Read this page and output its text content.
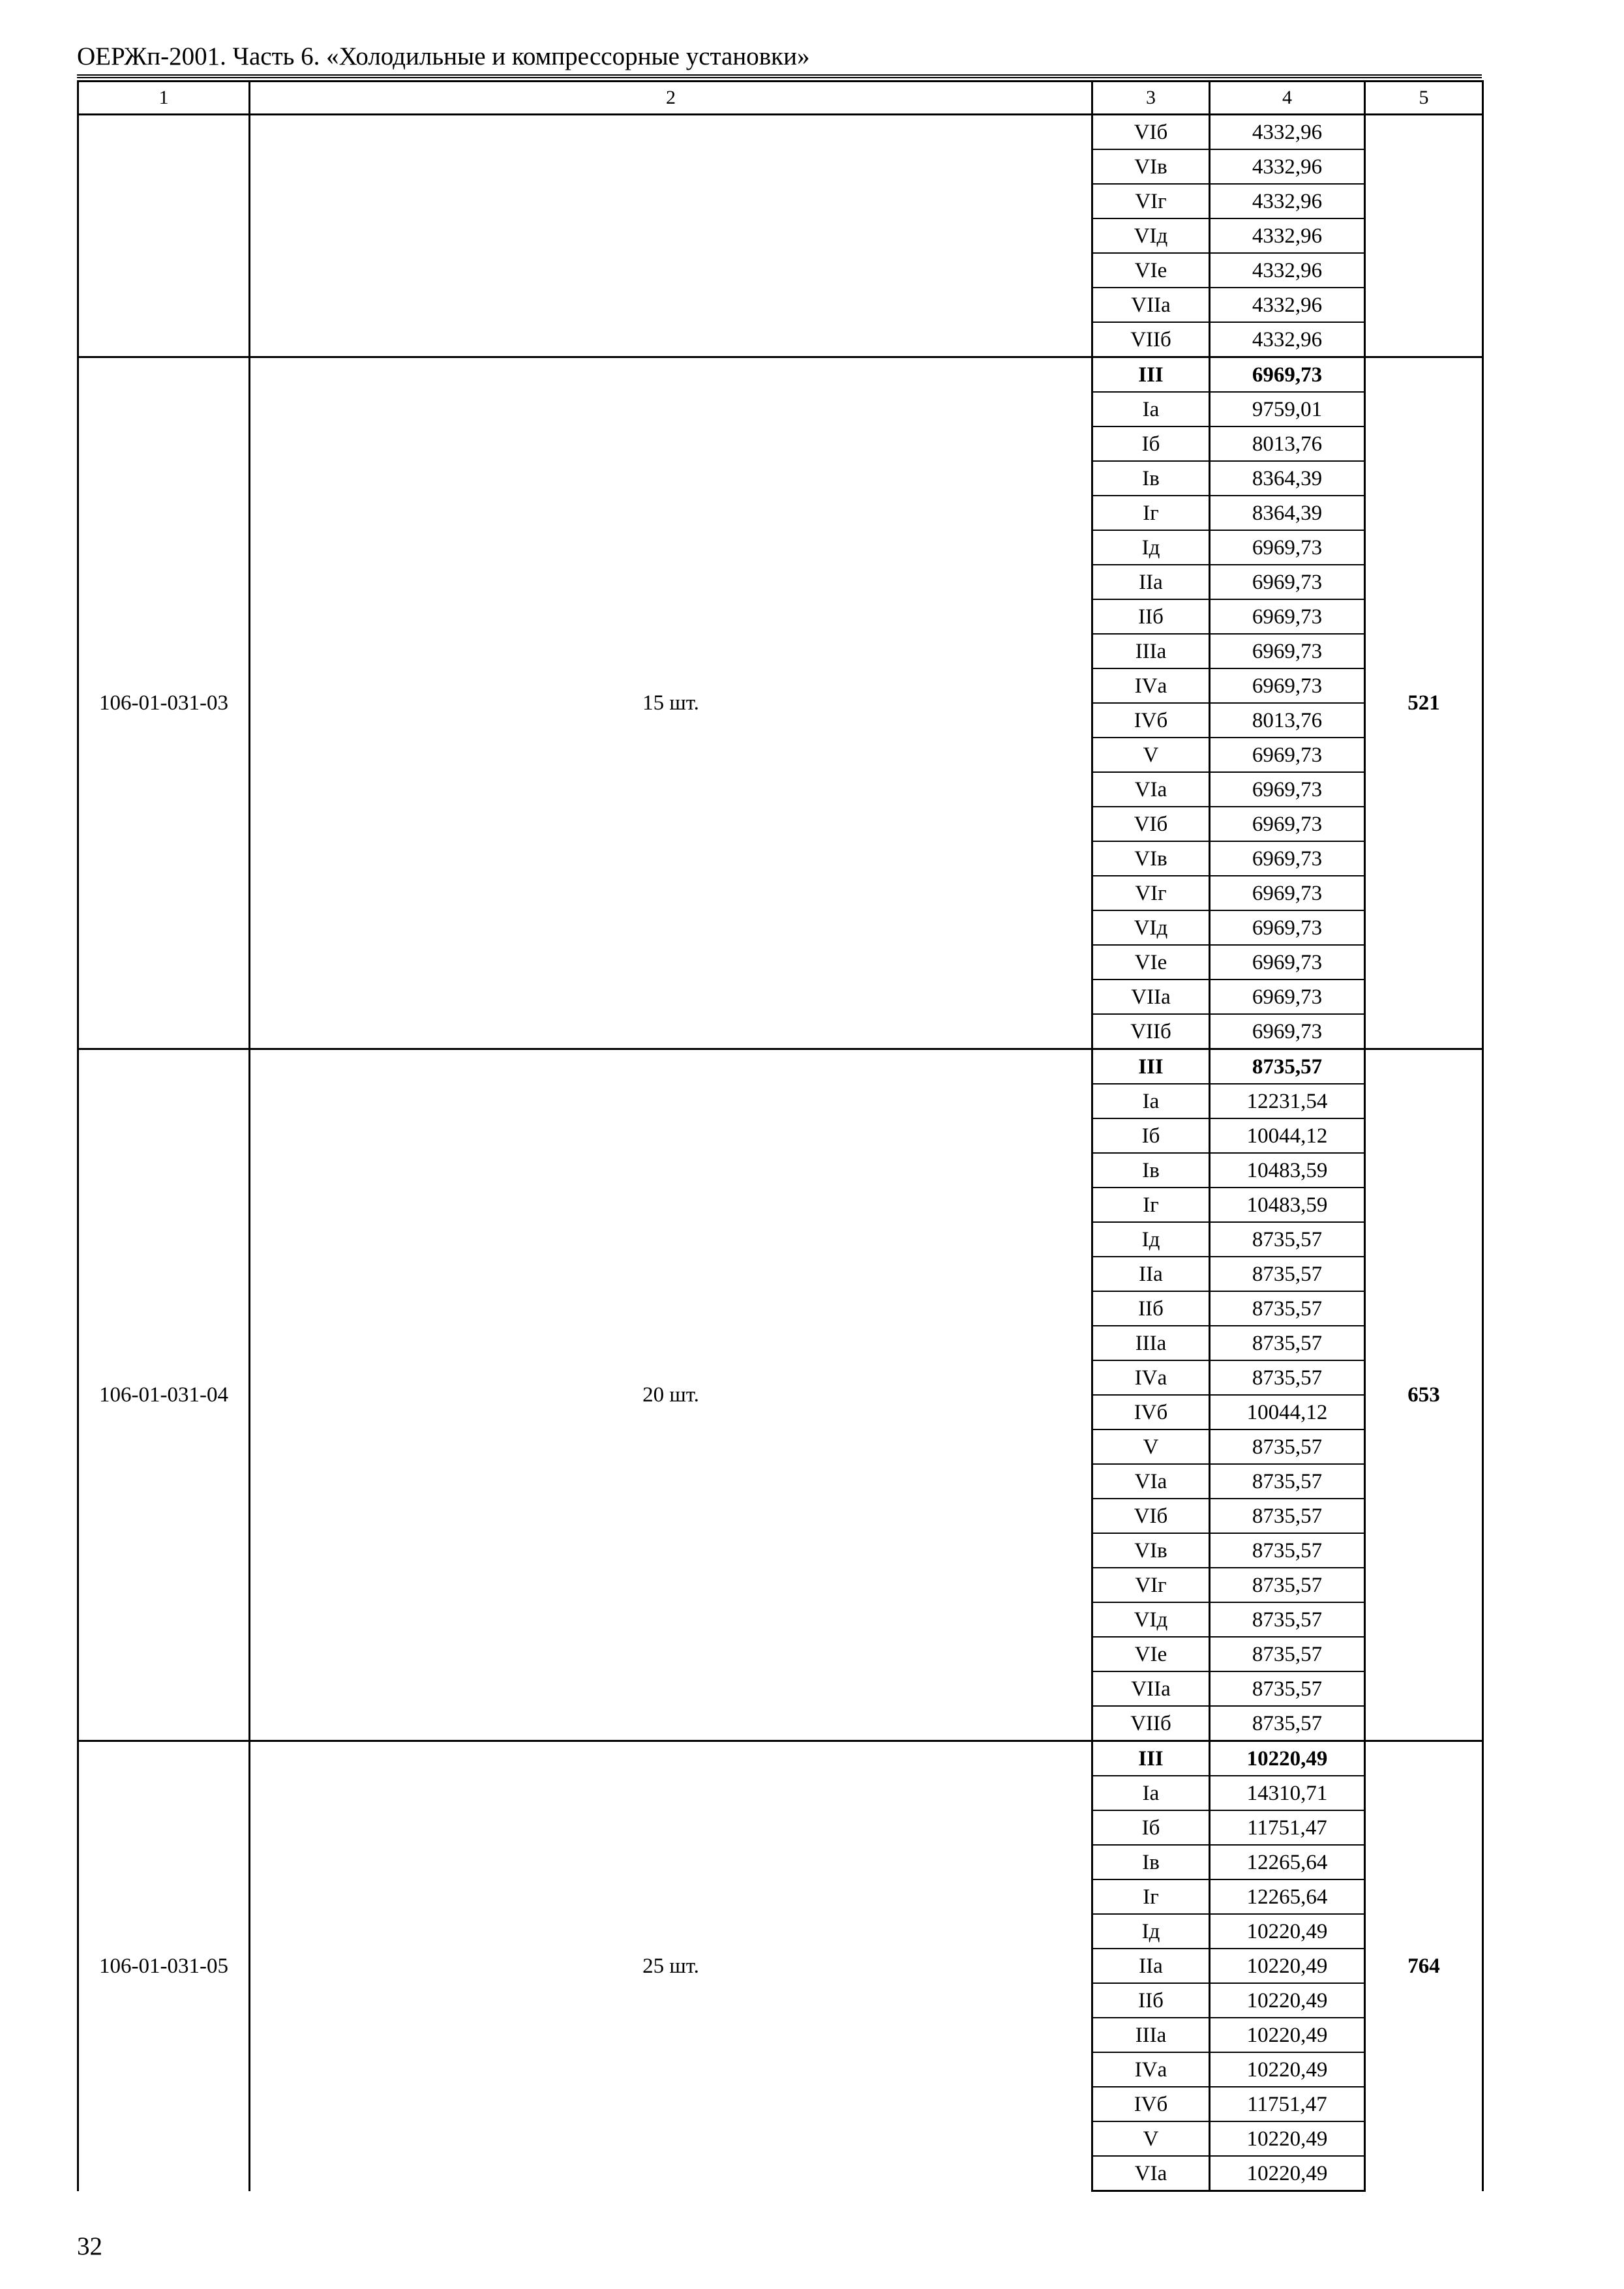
ОЕРЖп-2001. Часть 6. «Холодильные и компрессорные установки»
1	2	3	4	5
		VIб	4332,96	
		VIв	4332,96	
		VIг	4332,96	
		VIд	4332,96	
		VIе	4332,96	
		VIIа	4332,96	
		VIIб	4332,96	
106-01-031-03	15 шт.	III	6969,73	521
		Iа	9759,01	
		Iб	8013,76	
		Iв	8364,39	
		Iг	8364,39	
		Iд	6969,73	
		IIа	6969,73	
		IIб	6969,73	
		IIIа	6969,73	
		IVа	6969,73	
		IVб	8013,76	
		V	6969,73	
		VIа	6969,73	
		VIб	6969,73	
		VIв	6969,73	
		VIг	6969,73	
		VIд	6969,73	
		VIе	6969,73	
		VIIа	6969,73	
		VIIб	6969,73	
106-01-031-04	20 шт.	III	8735,57	653
		Iа	12231,54	
		Iб	10044,12	
		Iв	10483,59	
		Iг	10483,59	
		Iд	8735,57	
		IIа	8735,57	
		IIб	8735,57	
		IIIа	8735,57	
		IVа	8735,57	
		IVб	10044,12	
		V	8735,57	
		VIа	8735,57	
		VIб	8735,57	
		VIв	8735,57	
		VIг	8735,57	
		VIд	8735,57	
		VIе	8735,57	
		VIIа	8735,57	
		VIIб	8735,57	
106-01-031-05	25 шт.	III	10220,49	764
		Iа	14310,71	
		Iб	11751,47	
		Iв	12265,64	
		Iг	12265,64	
		Iд	10220,49	
		IIа	10220,49	
		IIб	10220,49	
		IIIа	10220,49	
		IVа	10220,49	
		IVб	11751,47	
		V	10220,49	
		VIа	10220,49	
32
